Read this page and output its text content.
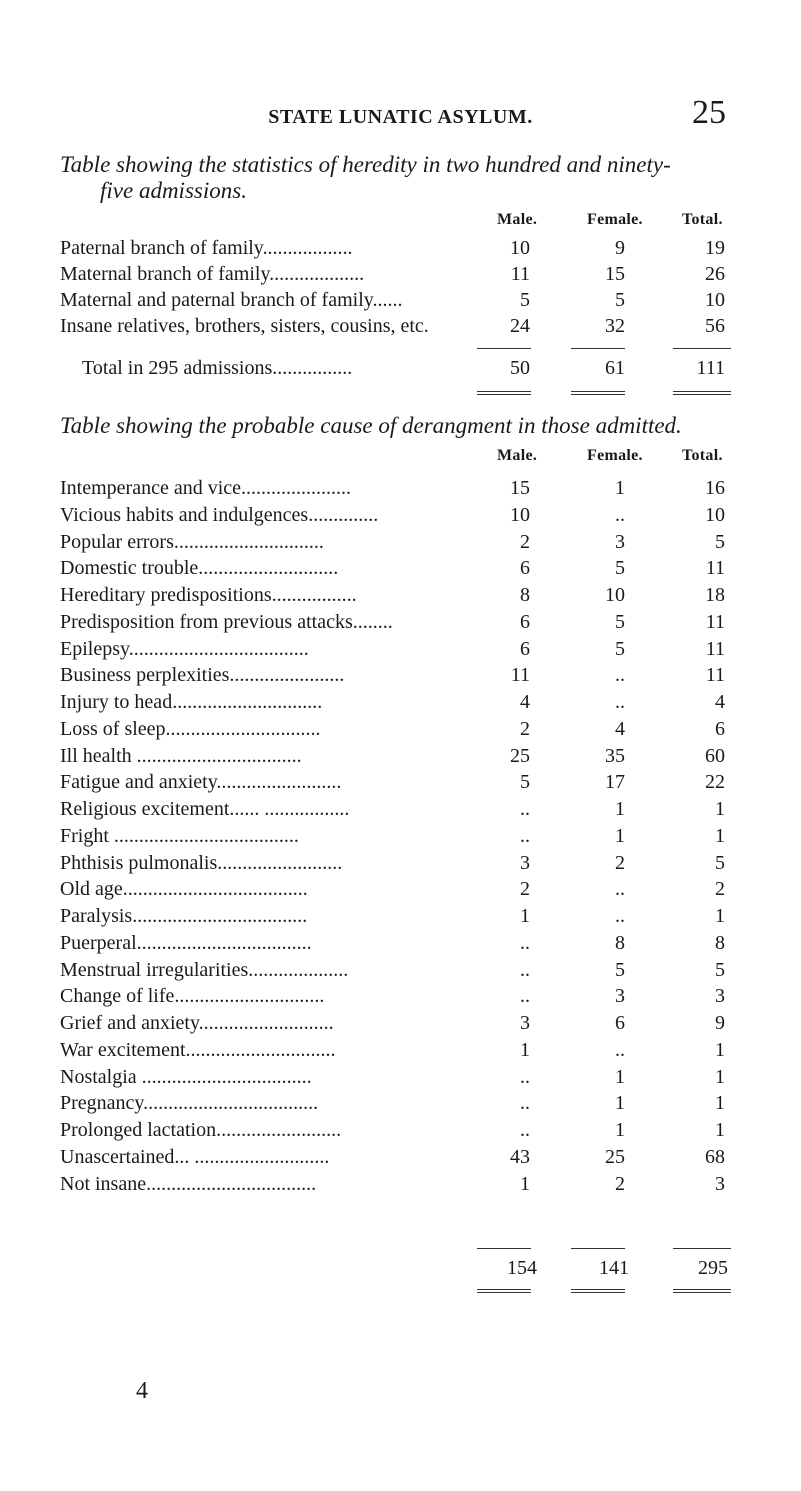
STATE LUNATIC ASYLUM.	25
Table showing the statistics of heredity in two hundred and ninety-
five admissions.
Male.	Female. Total.
Paternal branch of family..................	10	9	19
Maternal branch of family...................	11	15	26
Maternal and paternal branch of family......	5	5	10
Insane relatives, brothers, sisters, cousins, etc.	24	32	56
Total in 295 admissions................	50	61	111
Table showing the probable cause of derangment in those admitted.
Male.	Female. Total.
Intemperance and vice......................	15	1	16
Vicious habits and indulgences..............	10	..	10
Popular errors..............................	2	3	5
Domestic trouble............................	6	5	11
Hereditary predispositions.................	8	10	18
Predisposition from previous attacks........	6	5	11
Epilepsy....................................	6	5	11
Business perplexities.......................	11	..	11
Injury to head..............................	4	..	4
Loss of sleep...............................	2	4	6
Ill health .................................	25	35	60
Fatigue and anxiety.........................	5	17	22
Religious excitement...... .................	..	1	1
Fright .....................................	..	1	1
Phthisis pulmonalis.........................	3	2	5
Old age.....................................	2	..	2
Paralysis...................................	1	..	1
Puerperal...................................	..	8	8
Menstrual irregularities....................	..	5	5
Change of life..............................	..	3	3
Grief and anxiety...........................	3	6	9
War excitement..............................	1	..	1
Nostalgia ..................................	..	1	1
Pregnancy...................................	..	1	1
Prolonged lactation.........................	..	1	1
Unascertained... ...........................	43	25	68
Not insane..................................	1	2	3
154	141	295
4
